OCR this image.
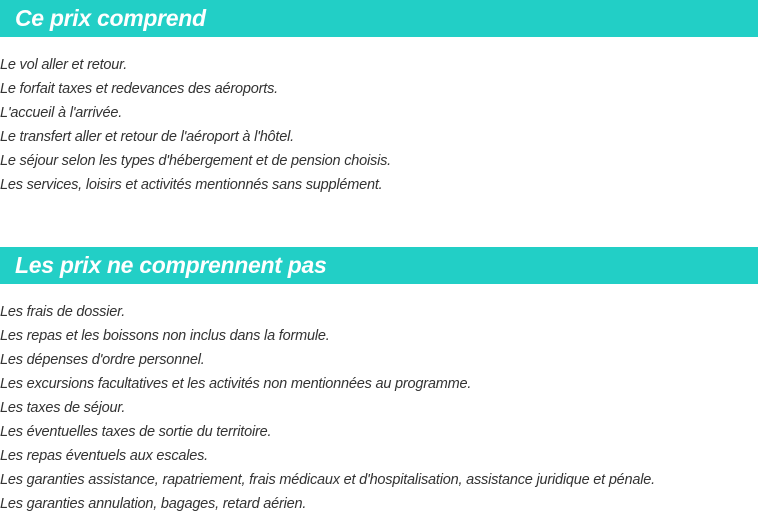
Ce prix comprend
Le vol aller et retour.
Le forfait taxes et redevances des aéroports.
L'accueil à l'arrivée.
Le transfert aller et retour de l'aéroport à l'hôtel.
Le séjour selon les types d'hébergement et de pension choisis.
Les services, loisirs et activités mentionnés sans supplément.
Les prix ne comprennent pas
Les frais de dossier.
Les repas et les boissons non inclus dans la formule.
Les dépenses d'ordre personnel.
Les excursions facultatives et les activités non mentionnées au programme.
Les taxes de séjour.
Les éventuelles taxes de sortie du territoire.
Les repas éventuels aux escales.
Les garanties assistance, rapatriement, frais médicaux et d'hospitalisation, assistance juridique et pénale.
Les garanties annulation, bagages, retard aérien.
